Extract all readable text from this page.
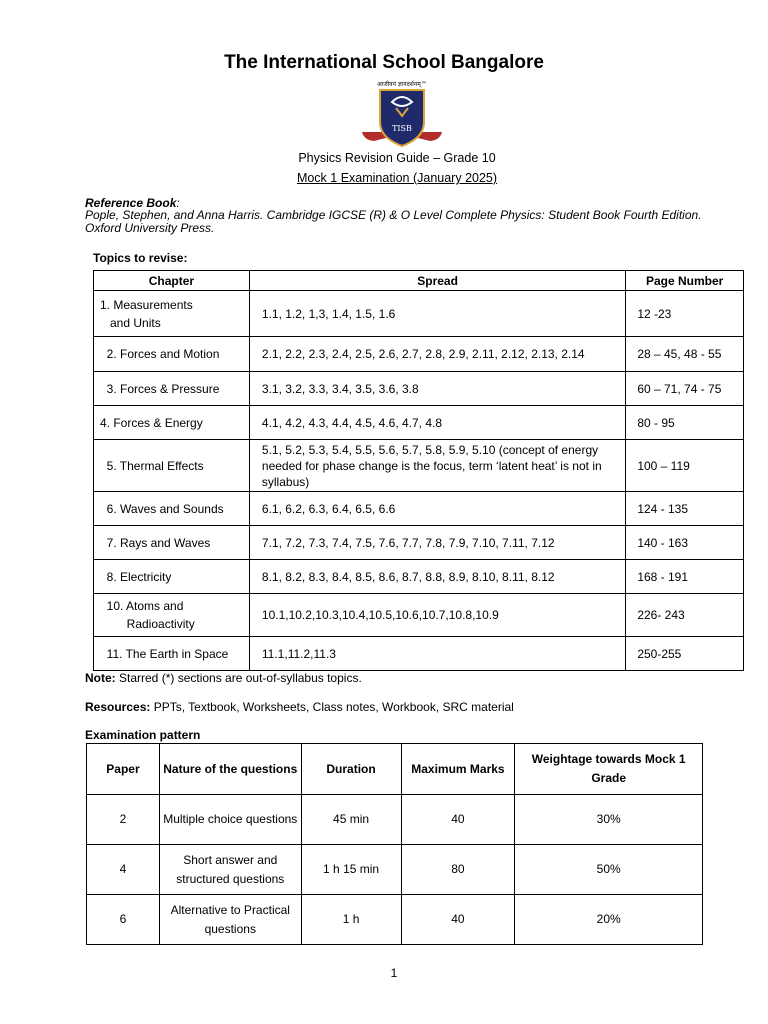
The International School Bangalore
आजीवनं ज्ञानदर्शनम्™
TISB
Physics Revision Guide – Grade 10
Mock 1 Examination (January 2025)
Reference Book:
Pople, Stephen, and Anna Harris. Cambridge IGCSE (R) & O Level Complete Physics: Student Book Fourth Edition. Oxford University Press.
Topics to revise:
Chapter	Spread	Page Number
1. Measurements
and Units	1.1, 1.2, 1,3, 1.4, 1.5, 1.6	12 -23
2. Forces and Motion	2.1, 2.2, 2.3, 2.4, 2.5, 2.6, 2.7, 2.8, 2.9, 2.11, 2.12, 2.13, 2.14	28 – 45, 48 - 55
3. Forces & Pressure	3.1, 3.2, 3.3, 3.4, 3.5, 3.6, 3.8	60 – 71, 74 - 75
4. Forces & Energy	4.1, 4.2, 4.3, 4.4, 4.5, 4.6, 4.7, 4.8	80 - 95
5. Thermal Effects	5.1, 5.2, 5.3, 5.4, 5.5, 5.6, 5.7, 5.8, 5.9, 5.10 (concept of energy needed for phase change is the focus, term ‘latent heat’ is not in syllabus)	100 – 119
6. Waves and Sounds	6.1, 6.2, 6.3, 6.4, 6.5, 6.6	124 - 135
7. Rays and Waves	7.1, 7.2, 7.3, 7.4, 7.5, 7.6, 7.7, 7.8, 7.9, 7.10, 7.11, 7.12	140 - 163
8. Electricity	8.1, 8.2, 8.3, 8.4, 8.5, 8.6, 8.7, 8.8, 8.9, 8.10, 8.11, 8.12	168 - 191
10. Atoms and
Radioactivity	10.1,10.2,10.3,10.4,10.5,10.6,10.7,10.8,10.9	226- 243
11. The Earth in Space	11.1,11.2,11.3	250-255
Note: Starred (*) sections are out-of-syllabus topics.
Resources: PPTs, Textbook, Worksheets, Class notes, Workbook, SRC material
Examination pattern
Paper	Nature of the questions	Duration	Maximum Marks	Weightage towards Mock 1 Grade
2	Multiple choice questions	45 min	40	30%
4	Short answer and structured questions	1 h 15 min	80	50%
6	Alternative to Practical questions	1 h	40	20%
1
